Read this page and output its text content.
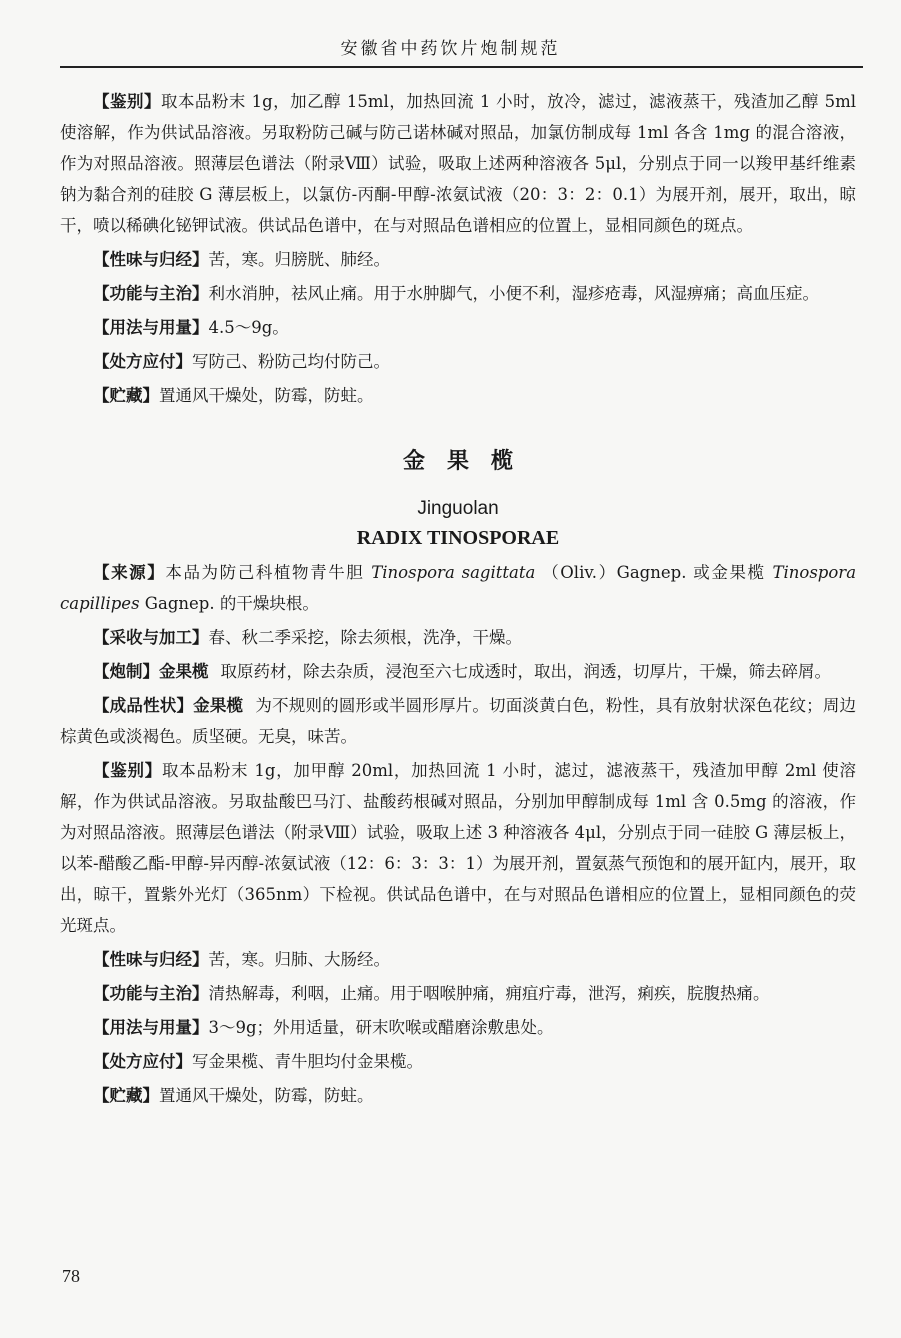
安徽省中药饮片炮制规范

【鉴别】取本品粉末 1g，加乙醇 15ml，加热回流 1 小时，放冷，滤过，滤液蒸干，残渣加乙醇 5ml 使溶解，作为供试品溶液。另取粉防己碱与防己诺林碱对照品，加氯仿制成每 1ml 各含 1mg 的混合溶液，作为对照品溶液。照薄层色谱法（附录Ⅷ）试验，吸取上述两种溶液各 5μl，分别点于同一以羧甲基纤维素钠为黏合剂的硅胶 G 薄层板上，以氯仿-丙酮-甲醇-浓氨试液（20：3：2：0.1）为展开剂，展开，取出，晾干，喷以稀碘化铋钾试液。供试品色谱中，在与对照品色谱相应的位置上，显相同颜色的斑点。

【性味与归经】苦，寒。归膀胱、肺经。

【功能与主治】利水消肿，祛风止痛。用于水肿脚气，小便不利，湿疹疮毒，风湿痹痛；高血压症。

【用法与用量】4.5～9g。

【处方应付】写防己、粉防己均付防己。

【贮藏】置通风干燥处，防霉，防蛀。

金果榄
Jinguolan
RADIX TINOSPORAE

【来源】本品为防己科植物青牛胆 Tinospora sagittata （Oliv.）Gagnep. 或金果榄 Tinospora capillipes Gagnep. 的干燥块根。

【采收与加工】春、秋二季采挖，除去须根，洗净，干燥。

【炮制】金果榄 取原药材，除去杂质，浸泡至六七成透时，取出，润透，切厚片，干燥，筛去碎屑。

【成品性状】金果榄 为不规则的圆形或半圆形厚片。切面淡黄白色，粉性，具有放射状深色花纹；周边棕黄色或淡褐色。质坚硬。无臭，味苦。

【鉴别】取本品粉末 1g，加甲醇 20ml，加热回流 1 小时，滤过，滤液蒸干，残渣加甲醇 2ml 使溶解，作为供试品溶液。另取盐酸巴马汀、盐酸药根碱对照品，分别加甲醇制成每 1ml 含 0.5mg 的溶液，作为对照品溶液。照薄层色谱法（附录Ⅷ）试验，吸取上述 3 种溶液各 4μl，分别点于同一硅胶 G 薄层板上，以苯-醋酸乙酯-甲醇-异丙醇-浓氨试液（12：6：3：3：1）为展开剂，置氨蒸气预饱和的展开缸内，展开，取出，晾干，置紫外光灯（365nm）下检视。供试品色谱中，在与对照品色谱相应的位置上，显相同颜色的荧光斑点。

【性味与归经】苦，寒。归肺、大肠经。

【功能与主治】清热解毒，利咽，止痛。用于咽喉肿痛，痈疽疔毒，泄泻，痢疾，脘腹热痛。

【用法与用量】3～9g；外用适量，研末吹喉或醋磨涂敷患处。

【处方应付】写金果榄、青牛胆均付金果榄。

【贮藏】置通风干燥处，防霉，防蛀。

78
